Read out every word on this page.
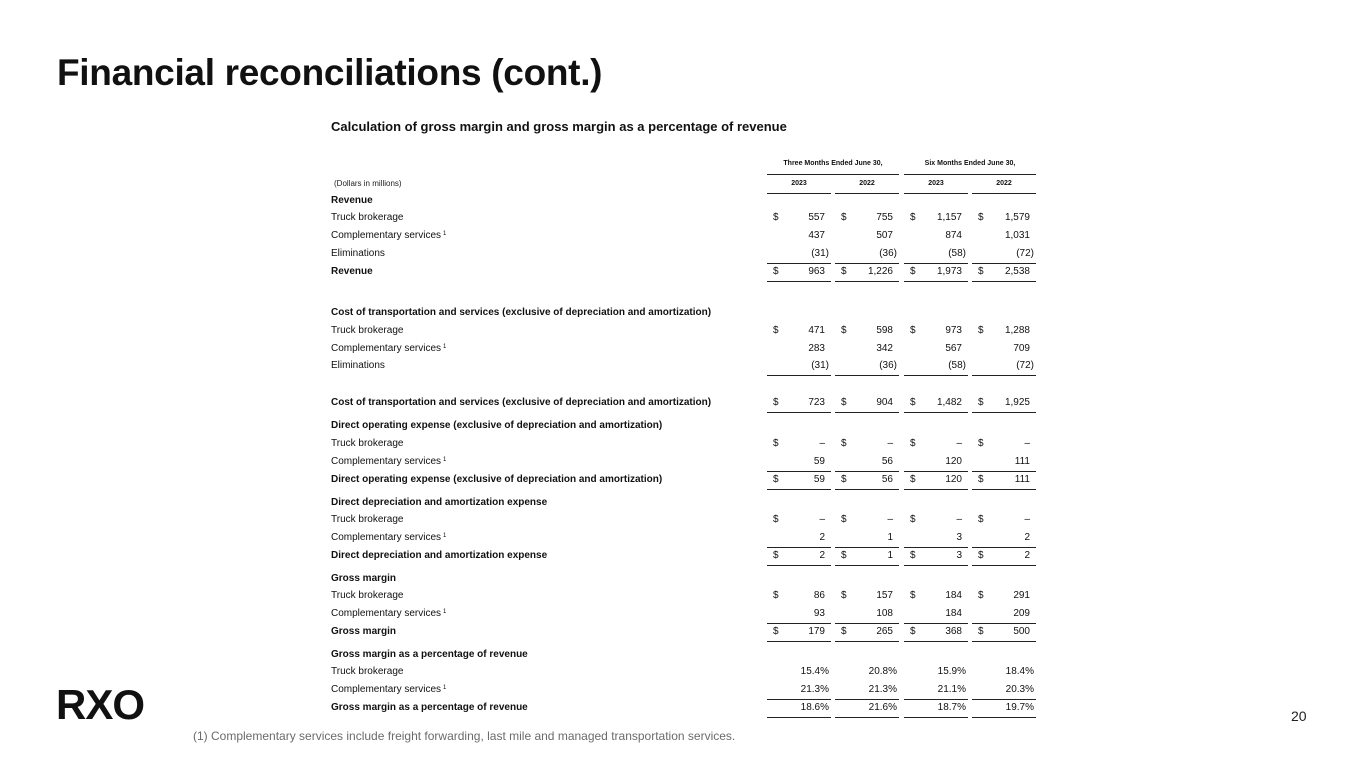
Financial reconciliations (cont.)
Calculation of gross margin and gross margin as a percentage of revenue
Three Months Ended June 30,	Six Months Ended June 30,
(Dollars in millions)	2023	2022	2023	2022
Revenue
Truck brokerage	$	557 $	755 $	1,157 $	1,579
Complementary services $^1$	437	507	874	1,031
Eliminations	(31)	(36)	(58)	(72)
Revenue	$	963 $	1,226 $	1,973 $	2,538
Cost of transportation and services (exclusive of depreciation and amortization)
Truck brokerage	$	471 $	598 $	973 $	1,288
Complementary services $^1$	283	342	567	709
Eliminations	(31)	(36)	(58)	(72)
Cost of transportation and services (exclusive of depreciation and amortization)	$	723 $	904 $	1,482 $	1,925
Direct operating expense (exclusive of depreciation and amortization)
Truck brokerage	$	– $	– $	– $	–
Complementary services $^1$	59	56	120	111
Direct operating expense (exclusive of depreciation and amortization)	$	59 $	56 $	120 $	111
Direct depreciation and amortization expense
Truck brokerage	$	– $	– $	– $	–
Complementary services $^1$	2	1	3	2
Direct depreciation and amortization expense	$	2 $	1 $	3 $	2
Gross margin
Truck brokerage	$	86 $	157 $	184 $	291
Complementary services $^1$	93	108	184	209
Gross margin	$	179 $	265 $	368 $	500
Gross margin as a percentage of revenue
Truck brokerage	15.4%	20.8%	15.9%	18.4%
Complementary services $^1$	21.3%	21.3%	21.1%	20.3%
Gross margin as a percentage of revenue	18.6%	21.6%	18.7%	19.7%
RXO	20
(1) Complementary services include freight forwarding, last mile and managed transportation services.
